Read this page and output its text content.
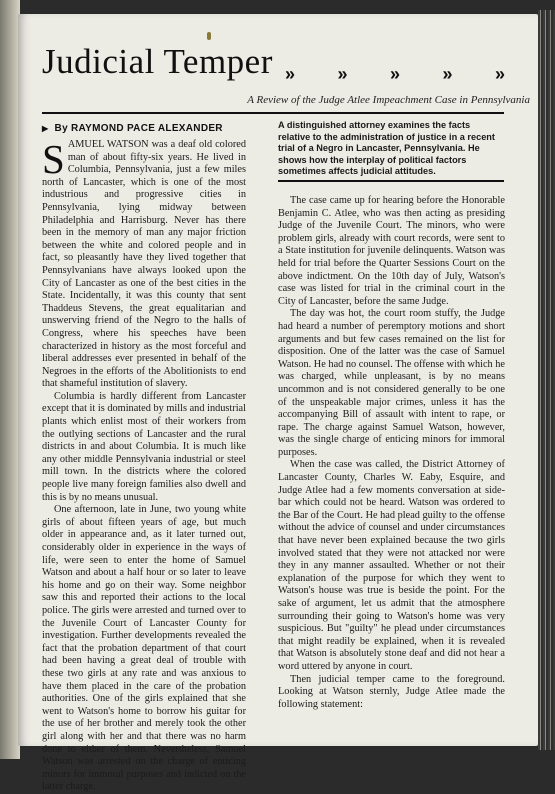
Judicial Temper » » » » »
A Review of the Judge Atlee Impeachment Case in Pennsylvania
▶ By RAYMOND PACE ALEXANDER	A distinguished attorney examines the facts relative to the administration of justice in a recent trial of a Negro in Lancaster, Pennsylvania. He shows how the interplay of political factors sometimes affects judicial attitudes.

SAMUEL WATSON was a deaf old colored man of about fifty-six years. He lived in Columbia, Pennsylvania, just a few miles north of Lancaster, which is one of the most industrious and progressive cities in Pennsylvania, lying midway between Philadelphia and Harrisburg. Never has there been in the memory of man any major friction between the white and colored people and in fact, so pleasantly have they lived together that Pennsylvanians have always looked upon the City of Lancaster as one of the best cities in the State. Incidentally, it was this county that sent Thaddeus Stevens, the great equalitarian and unswerving friend of the Negro to the halls of Congress, where his speeches have been characterized in history as the most forceful and liberal addresses ever presented in behalf of the Negroes in the efforts of the Abolitionists to end that shameful institution of slavery.

Columbia is hardly different from Lancaster except that it is dominated by mills and industrial plants which enlist most of their workers from the outlying sections of Lancaster and the rural districts in and about Columbia. It is much like any other middle Pennsylvania industrial or steel mill town. In the districts where the colored people live many foreign families also dwell and this is by no means unusual.

One afternoon, late in June, two young white girls of about fifteen years of age, but much older in appearance and, as it later turned out, considerably older in experience in the ways of life, were seen to enter the home of Samuel Watson and about a half hour or so later to leave his home and go on their way. Some neighbor saw this and reported their actions to the local police. The girls were arrested and turned over to the Juvenile Court of Lancaster County for investigation. Further developments revealed the fact that the probation department of that court had been having a great deal of trouble with these two girls at any rate and was anxious to have them placed in the care of the probation authorities. One of the girls explained that she went to Watson's home to borrow his guitar for the use of her brother and merely took the other girl along with her and that there was no harm done to either of them. Nevertheless, Samuel Watson was arrested on the charge of enticing minors for immoral purposes and indicted on the latter charge.

The case came up for hearing before the Honorable Benjamin C. Atlee, who was then acting as presiding Judge of the Juvenile Court. The minors, who were problem girls, already with court records, were sent to a State institution for juvenile delinquents. Watson was held for trial before the Quarter Sessions Court on the above indictment. On the 10th day of July, Watson's case was listed for trial in the criminal court in the City of Lancaster, before the same Judge.

The day was hot, the court room stuffy, the Judge had heard a number of peremptory motions and short arguments and but few cases remained on the list for disposition. One of the latter was the case of Samuel Watson. He had no counsel. The offense with which he was charged, while unpleasant, is by no means uncommon and is not considered generally to be one of the unspeakable major crimes, unless it has the accompanying Bill of assault with intent to rape, or rape. The charge against Samuel Watson, however, was the single charge of enticing minors for immoral purposes.

When the case was called, the District Attorney of Lancaster County, Charles W. Eaby, Esquire, and Judge Atlee had a few moments conversation at side-bar which could not be heard. Watson was ordered to the Bar of the Court. He had plead guilty to the offense without the advice of counsel and under circumstances that have never been explained because the two girls involved stated that they were not attacked nor were they in any manner assaulted. Whether or not their explanation of the purpose for which they went to Watson's house was true is beside the point. For the sake of argument, let us admit that the atmosphere surrounding their going to Watson's home was very suspicious. But "guilty" he plead under circumstances that might readily be explained, when it is revealed that Watson is absolutely stone deaf and did not hear a word uttered by anyone in court.

Then judicial temper came to the foreground. Looking at Watson sternly, Judge Atlee made the following statement:
